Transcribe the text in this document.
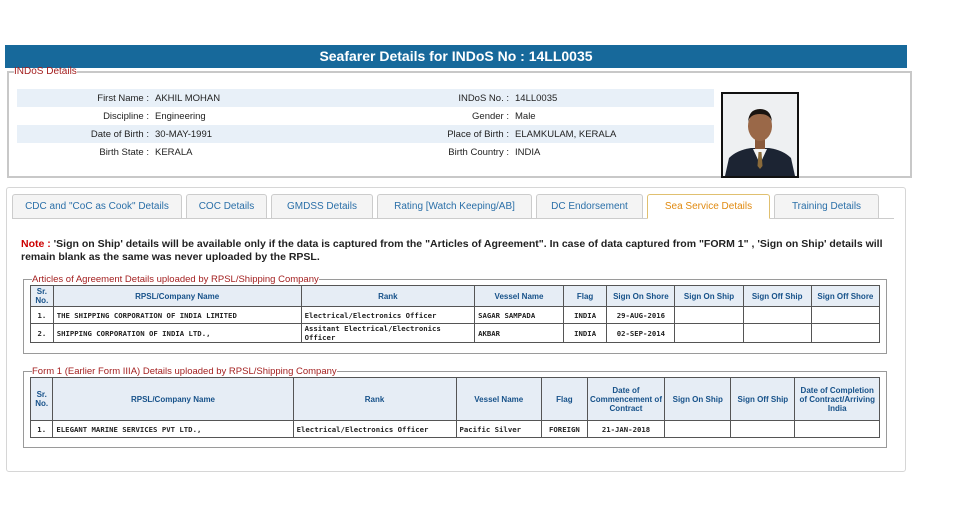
Seafarer Details for INDoS No : 14LL0035
INDoS Details
First Name :	AKHIL MOHAN	INDoS No. :	14LL0035
Discipline :	Engineering	Gender :	Male
Date of Birth :	30-MAY-1991	Place of Birth :	ELAMKULAM, KERALA
Birth State :	KERALA	Birth Country :	INDIA
CDC and "CoC as Cook" Details	COC Details	GMDSS Details	Rating [Watch Keeping/AB]	DC Endorsement	Sea Service Details	Training Details
Note : 'Sign on Ship' details will be available only if the data is captured from the "Articles of Agreement". In case of data captured from "FORM 1" , 'Sign on Ship' details will remain blank as the same was never uploaded by the RPSL.
Articles of Agreement Details uploaded by RPSL/Shipping Company
Sr. No.	RPSL/Company Name	Rank	Vessel Name	Flag	Sign On Shore	Sign On Ship	Sign Off Ship	Sign Off Shore
1.	THE SHIPPING CORPORATION OF INDIA LIMITED	Electrical/Electronics Officer	SAGAR SAMPADA	INDIA	29-AUG-2016			
2.	SHIPPING CORPORATION OF INDIA LTD.,	Assitant Electrical/Electronics Officer	AKBAR	INDIA	02-SEP-2014			
Form 1 (Earlier Form IIIA) Details uploaded by RPSL/Shipping Company
Sr. No.	RPSL/Company Name	Rank	Vessel Name	Flag	Date of Commencement of Contract	Sign On Ship	Sign Off Ship	Date of Completion of Contract/Arriving India
1.	ELEGANT MARINE SERVICES PVT LTD.,	Electrical/Electronics Officer	Pacific Silver	FOREIGN	21-JAN-2018			
